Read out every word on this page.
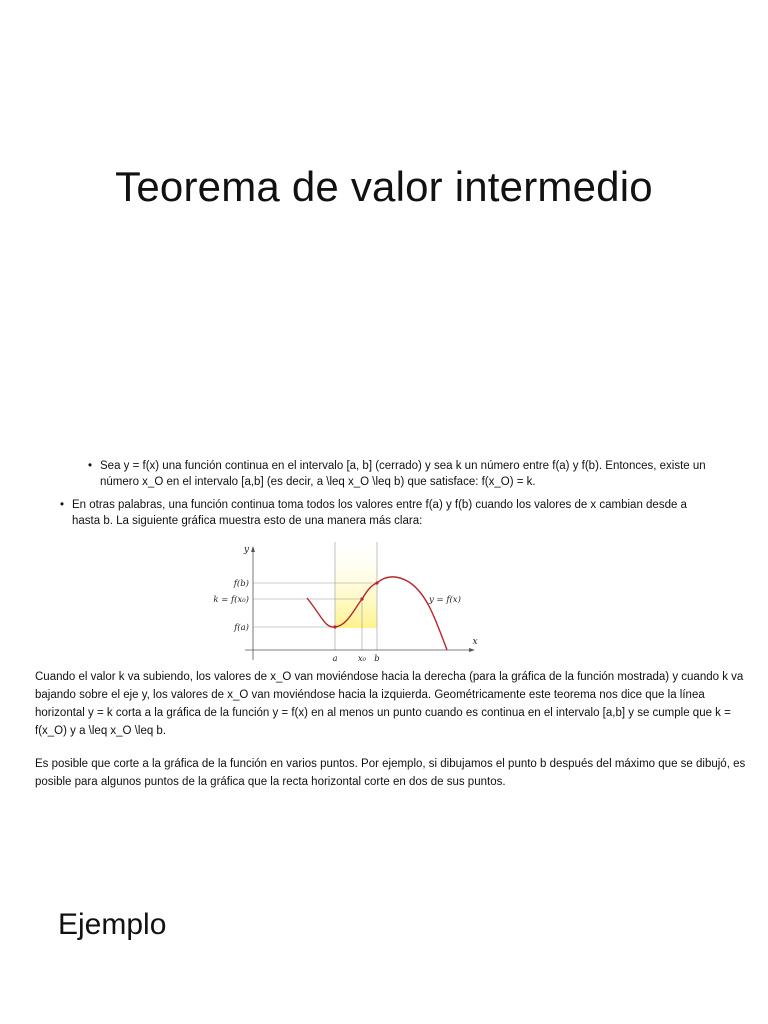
Teorema de valor intermedio
• Sea y = f(x) una función continua en el intervalo [a, b] (cerrado) y sea k un número entre f(a) y f(b). Entonces, existe un número x_O en el intervalo [a,b] (es decir, a \leq x_O \leq b) que satisface: f(x_O) = k.
• En otras palabras, una función continua toma todos los valores entre f(a) y f(b) cuando los valores de x cambian desde a hasta b. La siguiente gráfica muestra esto de una manera más clara:
y
x
f(b)
k = f(x₀)
f(a)
a x₀ b
y = f(x)
Cuando el valor k va subiendo, los valores de x_O van moviéndose hacia la derecha (para la gráfica de la función mostrada) y cuando k va bajando sobre el eje y, los valores de x_O van moviéndose hacia la izquierda. Geométricamente este teorema nos dice que la línea horizontal y = k corta a la gráfica de la función y = f(x) en al menos un punto cuando es continua en el intervalo [a,b] y se cumple que k = f(x_O) y a \leq x_O \leq b.
Es posible que corte a la gráfica de la función en varios puntos. Por ejemplo, si dibujamos el punto b después del máximo que se dibujó, es posible para algunos puntos de la gráfica que la recta horizontal corte en dos de sus puntos.
Ejemplo
